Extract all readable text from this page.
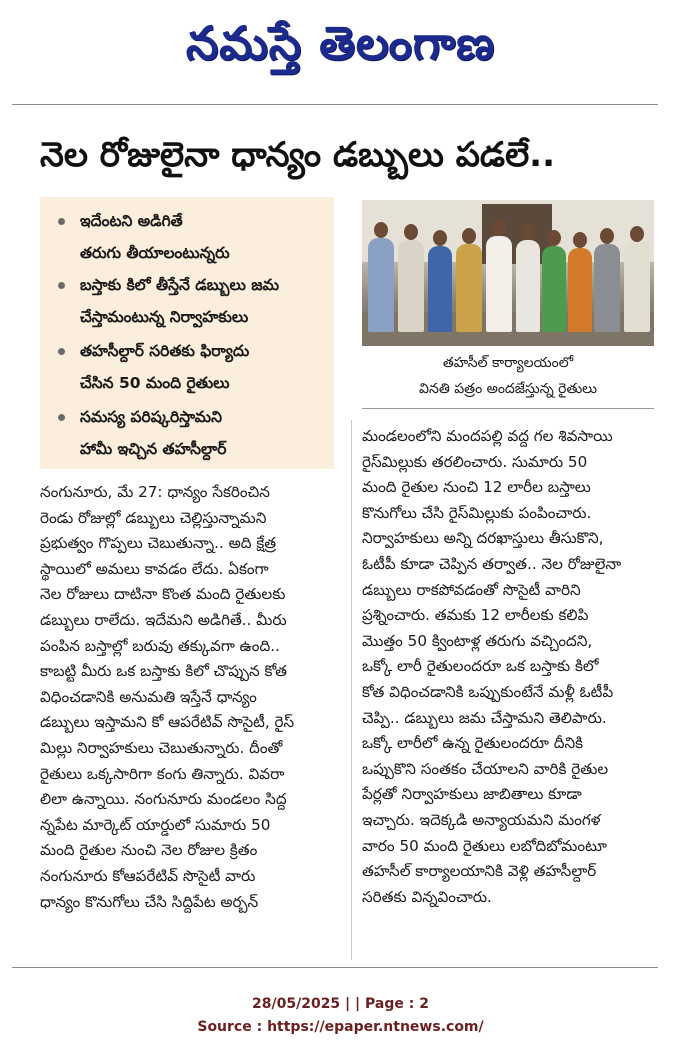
నమస్తే తెలంగాణ
నెల రోజులైనా ధాన్యం డబ్బులు పడలే..
ఇదేంటని అడిగితే
తరుగు తీయాలంటున్నరు
బస్తాకు కిలో తీస్తేనే డబ్బులు జమ
చేస్తామంటున్న నిర్వాహకులు
తహసీల్దార్ సరితకు ఫిర్యాదు
చేసిన 50 మంది రైతులు
సమస్య పరిష్కరిస్తామని
హామీ ఇచ్చిన తహసీల్దార్
తహసీల్ కార్యాలయంలో
వినతి పత్రం అందజేస్తున్న రైతులు
నంగునూరు, మే 27: ధాన్యం సేకరించిన
రెండు రోజుల్లో డబ్బులు చెల్లిస్తున్నామని
ప్రభుత్వం గొప్పలు చెబుతున్నా.. అది క్షేత్ర
స్థాయిలో అమలు కావడం లేదు. ఏకంగా
నెల రోజులు దాటినా కొంత మంది రైతులకు
డబ్బులు రాలేదు. ఇదేమని అడిగితే.. మీరు
పంపిన బస్తాల్లో బరువు తక్కువగా ఉంది..
కాబట్టి మీరు ఒక బస్తాకు కిలో చొప్పున కోత
విధించడానికి అనుమతి ఇస్తేనే ధాన్యం
డబ్బులు ఇస్తామని కో ఆపరేటివ్ సొసైటీ, రైస్
మిల్లు నిర్వాహకులు చెబుతున్నారు. దీంతో
రైతులు ఒక్కసారిగా కంగు తిన్నారు. వివరా
లిలా ఉన్నాయి. నంగునూరు మండలం సిద్ద
న్నపేట మార్కెట్ యార్డులో సుమారు 50
మంది రైతుల నుంచి నెల రోజుల క్రితం
నంగునూరు కోఆపరేటివ్ సొసైటీ వారు
ధాన్యం కొనుగోలు చేసి సిద్దిపేట అర్బన్
మండలంలోని మందపల్లి వద్ద గల శివసాయి
రైస్‌మిల్లుకు తరలించారు. సుమారు 50
మంది రైతుల నుంచి 12 లారీల బస్తాలు
కొనుగోలు చేసి రైస్‌మిల్లుకు పంపించారు.
నిర్వాహకులు అన్ని దరఖాస్తులు తీసుకొని,
ఓటీపీ కూడా చెప్పిన తర్వాత.. నెల రోజులైనా
డబ్బులు రాకపోవడంతో సొసైటీ వారిని
ప్రశ్నించారు. తమకు 12 లారీలకు కలిపి
మొత్తం 50 క్వింటాళ్ల తరుగు వచ్చిందని,
ఒక్కో లారీ రైతులందరూ ఒక బస్తాకు కిలో
కోత విధించడానికి ఒప్పుకుంటేనే మళ్లీ ఓటీపీ
చెప్పి.. డబ్బులు జమ చేస్తామని తెలిపారు.
ఒక్కో లారీలో ఉన్న రైతులందరూ దీనికి
ఒప్పుకొని సంతకం చేయాలని వారికి రైతుల
పేర్లతో నిర్వాహకులు జాబితాలు కూడా
ఇచ్చారు. ఇదెక్కడి అన్యాయమని మంగళ
వారం 50 మంది రైతులు లబోదిబోమంటూ
తహసీల్ కార్యాలయానికి వెళ్లి తహసీల్దార్
సరితకు విన్నవించారు.
28/05/2025 | | Page : 2
Source : https://epaper.ntnews.com/
